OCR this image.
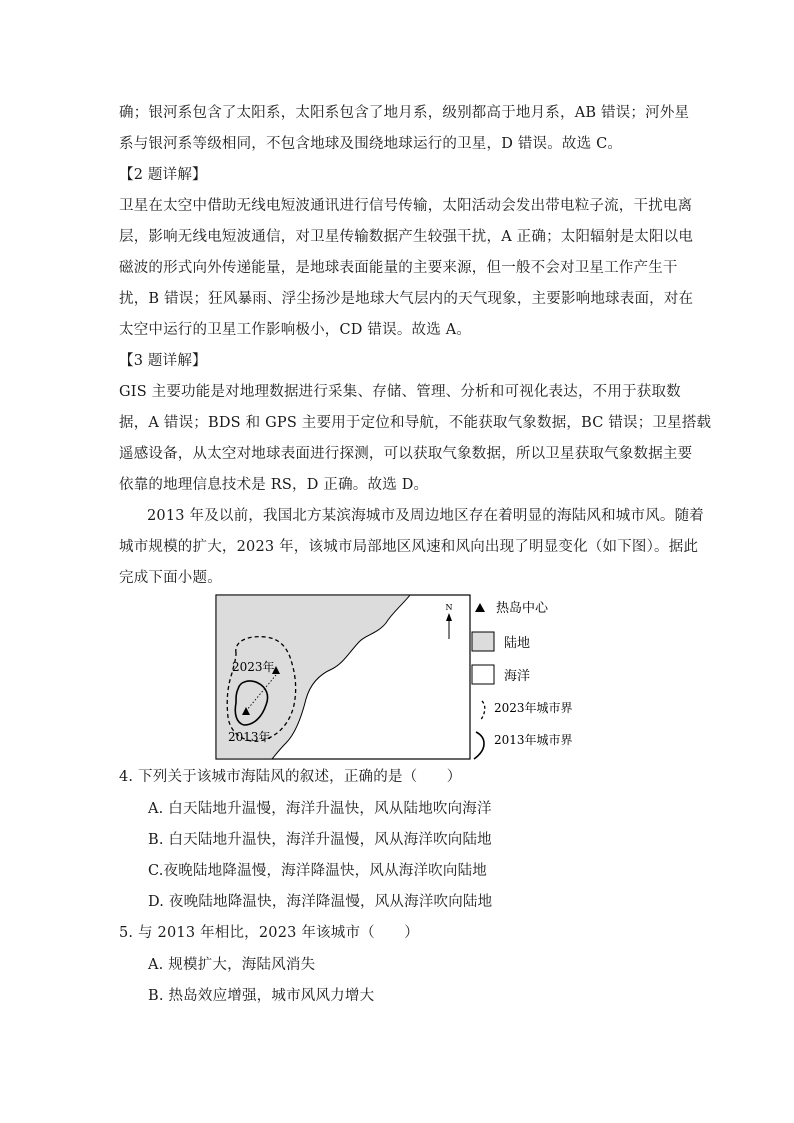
确；银河系包含了太阳系，太阳系包含了地月系，级别都高于地月系，AB 错误；河外星
系与银河系等级相同，不包含地球及围绕地球运行的卫星，D 错误。故选 C。
【2 题详解】
卫星在太空中借助无线电短波通讯进行信号传输，太阳活动会发出带电粒子流，干扰电离
层，影响无线电短波通信，对卫星传输数据产生较强干扰，A 正确；太阳辐射是太阳以电
磁波的形式向外传递能量，是地球表面能量的主要来源，但一般不会对卫星工作产生干
扰，B 错误；狂风暴雨、浮尘扬沙是地球大气层内的天气现象，主要影响地球表面，对在
太空中运行的卫星工作影响极小，CD 错误。故选 A。
【3 题详解】
GIS 主要功能是对地理数据进行采集、存储、管理、分析和可视化表达，不用于获取数
据，A 错误；BDS 和 GPS 主要用于定位和导航，不能获取气象数据，BC 错误；卫星搭载
遥感设备，从太空对地球表面进行探测，可以获取气象数据，所以卫星获取气象数据主要
依靠的地理信息技术是 RS，D 正确。故选 D。
2013 年及以前，我国北方某滨海城市及周边地区存在着明显的海陆风和城市风。随着
城市规模的扩大，2023 年，该城市局部地区风速和风向出现了明显变化（如下图）。据此
完成下面小题。
2023年
2013年
N	热岛中心
陆地
海洋
2023年城市界
2013年城市界
4. 下列关于该城市海陆风的叙述，正确的是（　　）
A. 白天陆地升温慢，海洋升温快，风从陆地吹向海洋
B. 白天陆地升温快，海洋升温慢，风从海洋吹向陆地
C.夜晚陆地降温慢，海洋降温快，风从海洋吹向陆地
D. 夜晚陆地降温快，海洋降温慢，风从海洋吹向陆地
5. 与 2013 年相比，2023 年该城市（　　）
A. 规模扩大，海陆风消失
B. 热岛效应增强，城市风风力增大
